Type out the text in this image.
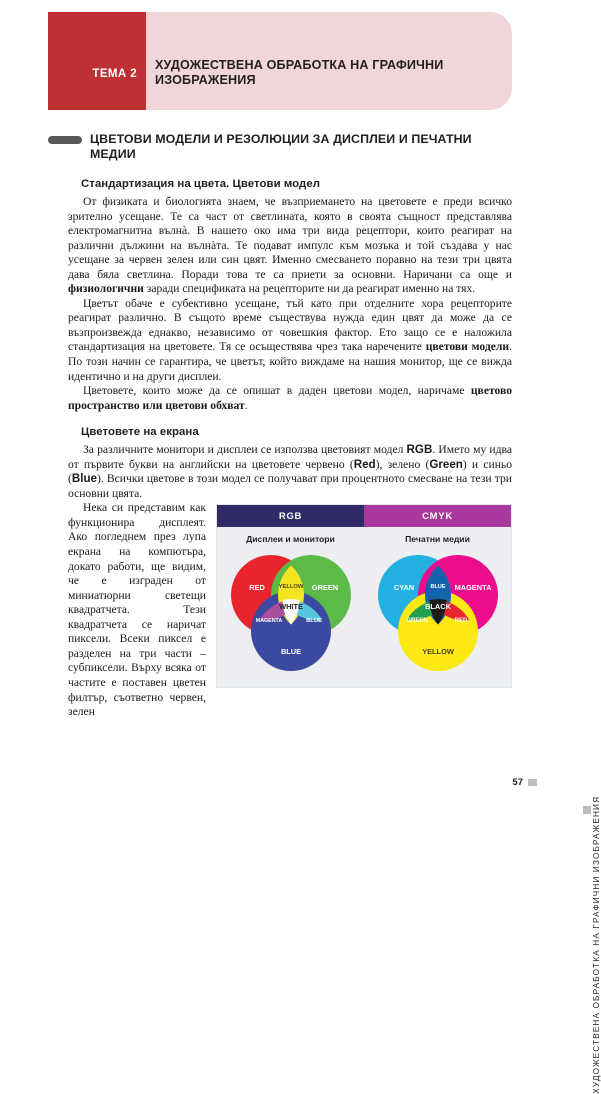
ТЕМА 2
ХУДОЖЕСТВЕНА ОБРАБОТКА НА ГРАФИЧНИ ИЗОБРАЖЕНИЯ
ЦВЕТОВИ МОДЕЛИ И РЕЗОЛЮЦИИ ЗА ДИСПЛЕИ И ПЕЧАТНИ МЕДИИ
Стандартизация на цвета. Цветови модел

От физиката и биологията знаем, че възприемането на цветовете е преди всичко зрително усещане. Те са част от светлината, която в своята същност представлява електромагнитна вълнà. В нашето око има три вида рецептори, които реагират на различни дължини на вълнàта. Те подават импулс към мозъка и той създава у нас усещане за червен зелен или син цвят. Именно смесването поравно на тези три цвята дава бяла светлина. Поради това те са приети за основни. Наричани са още и физиологични заради спецификата на рецепторите ни да реагират именно на тях.

Цветът обаче е субективно усещане, тъй като при отделните хора рецепторите реагират различно. В същото време съществува нужда един цвят да може да се възпроизвежда еднакво, независимо от човешкия фактор. Ето защо се е наложила стандартизация на цветовете. Тя се осъществява чрез така наречените цветови модели. По този начин се гарантира, че цветът, който виждаме на нашия монитор, ще се вижда идентично и на други дисплеи.

Цветовете, които може да се опишат в даден цветови модел, наричаме цветово пространство или цветови обхват.

Цветовете на екрана

За различните монитори и дисплеи се използва цветовият модел RGB. Името му идва от първите букви на английски на цветовете червено (Red), зелено (Green) и синьо (Blue). Всички цветове в този модел се получават при процентното смесване на тези три основни цвята.

RGB	CMYK
Дисплеи и монитори
RED	GREEN
YELLOW
WHITE
MAGENTA	BLUE
BLUE
Печатни медии
CYAN	MAGENTA
BLUE
BLACK
GREEN	RED
YELLOW

Нека си представим как функционира дисплеят. Ако погледнем през лупа екрана на компютъра, докато работи, ще видим, че е изграден от миниатюрни светещи квадратчета. Тези квадратчета се наричат пиксели. Всеки пиксел е разделен на три части – субпиксели. Върху всяка от частите е поставен цветен филтър, съответно червен, зелен

57
ХУДОЖЕСТВЕНА ОБРАБОТКА НА ГРАФИЧНИ ИЗОБРАЖЕНИЯ
